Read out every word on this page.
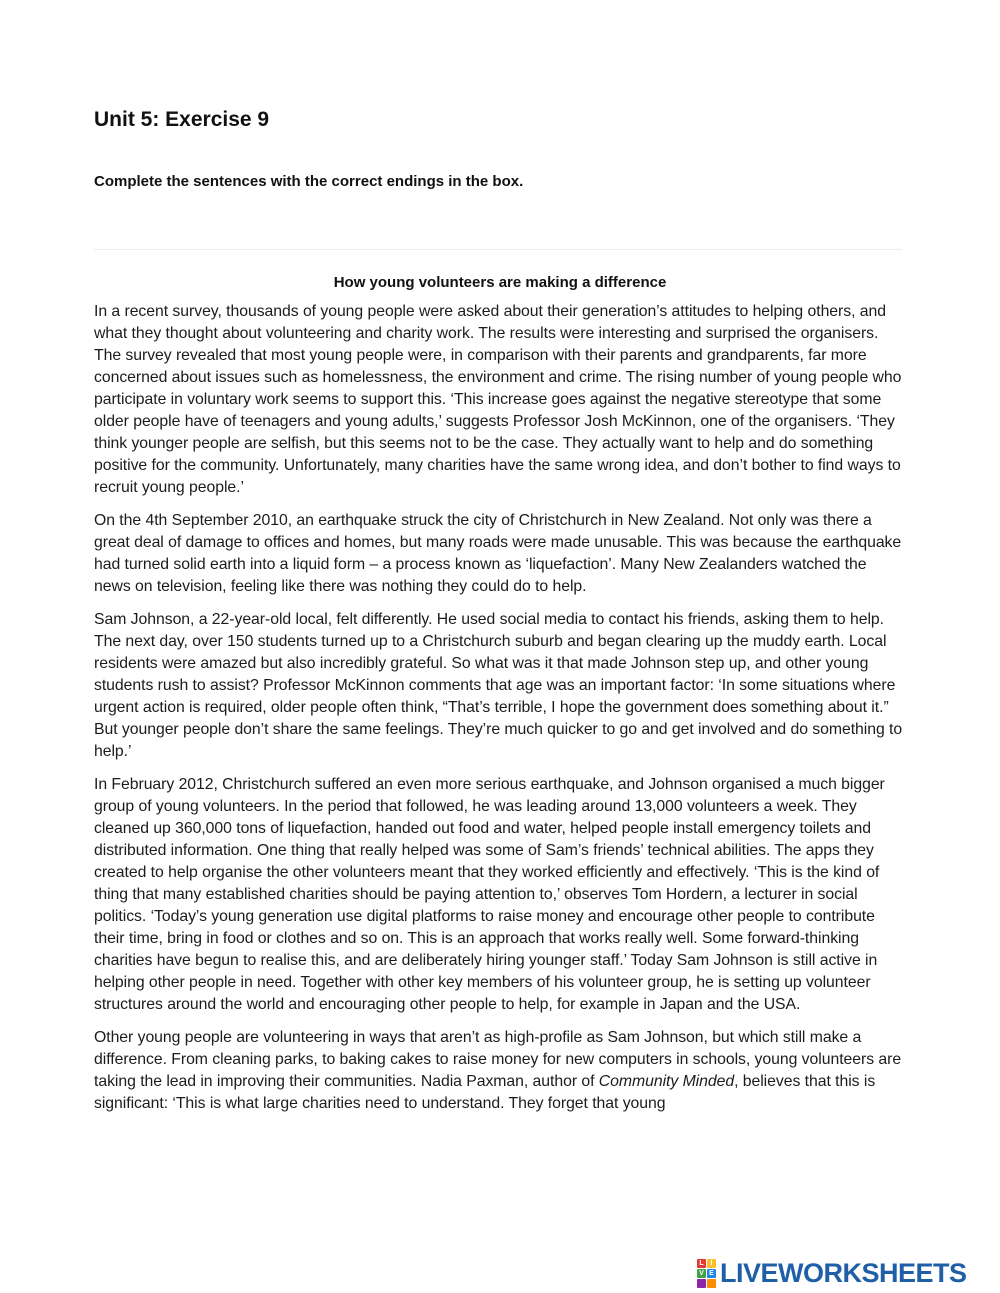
Unit 5: Exercise 9

Complete the sentences with the correct endings in the box.

How young volunteers are making a difference

In a recent survey, thousands of young people were asked about their generation’s attitudes to helping others, and what they thought about volunteering and charity work. The results were interesting and surprised the organisers. The survey revealed that most young people were, in comparison with their parents and grandparents, far more concerned about issues such as homelessness, the environment and crime. The rising number of young people who participate in voluntary work seems to support this. ‘This increase goes against the negative stereotype that some older people have of teenagers and young adults,’ suggests Professor Josh McKinnon, one of the organisers. ‘They think younger people are selfish, but this seems not to be the case. They actually want to help and do something positive for the community. Unfortunately, many charities have the same wrong idea, and don’t bother to find ways to recruit young people.’

On the 4th September 2010, an earthquake struck the city of Christchurch in New Zealand. Not only was there a great deal of damage to offices and homes, but many roads were made unusable. This was because the earthquake had turned solid earth into a liquid form – a process known as ‘liquefaction’. Many New Zealanders watched the news on television, feeling like there was nothing they could do to help.

Sam Johnson, a 22-year-old local, felt differently. He used social media to contact his friends, asking them to help. The next day, over 150 students turned up to a Christchurch suburb and began clearing up the muddy earth. Local residents were amazed but also incredibly grateful. So what was it that made Johnson step up, and other young students rush to assist? Professor McKinnon comments that age was an important factor: ‘In some situations where urgent action is required, older people often think, “That’s terrible, I hope the government does something about it.” But younger people don’t share the same feelings. They’re much quicker to go and get involved and do something to help.’

In February 2012, Christchurch suffered an even more serious earthquake, and Johnson organised a much bigger group of young volunteers. In the period that followed, he was leading around 13,000 volunteers a week. They cleaned up 360,000 tons of liquefaction, handed out food and water, helped people install emergency toilets and distributed information. One thing that really helped was some of Sam’s friends’ technical abilities. The apps they created to help organise the other volunteers meant that they worked efficiently and effectively. ‘This is the kind of thing that many established charities should be paying attention to,’ observes Tom Hordern, a lecturer in social politics. ‘Today’s young generation use digital platforms to raise money and encourage other people to contribute their time, bring in food or clothes and so on. This is an approach that works really well. Some forward-thinking charities have begun to realise this, and are deliberately hiring younger staff.’ Today Sam Johnson is still active in helping other people in need. Together with other key members of his volunteer group, he is setting up volunteer structures around the world and encouraging other people to help, for example in Japan and the USA.

Other young people are volunteering in ways that aren’t as high-profile as Sam Johnson, but which still make a difference. From cleaning parks, to baking cakes to raise money for new computers in schools, young volunteers are taking the lead in improving their communities. Nadia Paxman, author of Community Minded, believes that this is significant: ‘This is what large charities need to understand. They forget that young

L I
V E LIVEWORKSHEETS
